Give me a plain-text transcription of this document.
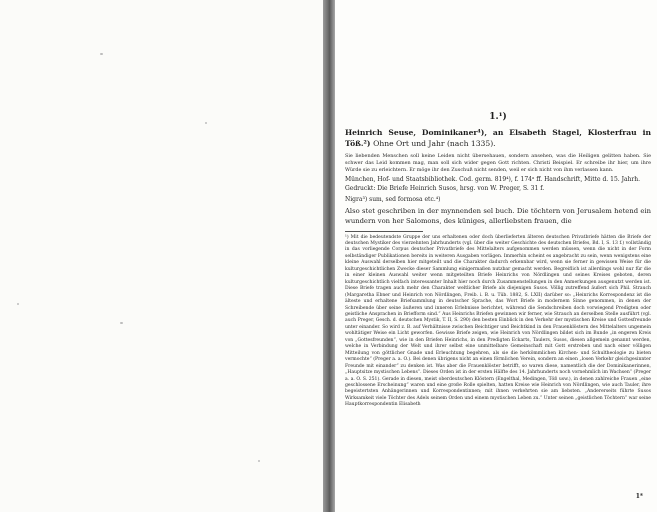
1.¹)
Heinrich Seuse, Dominikaner⁴), an Elsabeth Stagel, Klosterfrau in Töß.²) Ohne Ort und Jahr (nach 1335).
Sie liebenden Menschen soll keine Leiden nicht übersehauen, sondern ansehen, was die Heiligen gelitten haben. Sie schwer das Leid kommen mag, man soll sich wider gegen Gott richten. Christi Beispiel. Er schreibe ihr hier, um ihre Würde sie zu erleichtern. Er möge ihr den Zuschuß nicht senden, weil er sich nicht von ihm verlassen kann.
München, Hof- und Staatsbibliothek. Cod. germ. 819⁴), f. 174ᵃ ff. Handschrift, Mitte d. 15. Jahrh.
Gedruckt: Die Briefe Heinrich Susos, hrsg. von W. Preger, S. 31 f.
Nigra³) sum, sed formosa etc.⁴)
Also stet geschriben in der mynnenden sel buch. Die töchtern von Jerusalem hetend ein wundern von her Salomons, des küniges, allerliebsten frauen, die
¹) Mit die bedeutendste Gruppe der uns erhaltenen oder doch überlieferten älteren deutschen Privatbriefe hätten die Briefe der deutschen Mystiker des vierzehnten Jahrhunderts (vgl. über die weiter Geschichte des deutschen Briefes, Bd. I, S. 13 f.) vollständig in das vorliegende Corpus deutscher Privatbriefe des Mittelalters aufgenommen werden müssen, wenn die nicht in der Form selbständiger Publikationen bereits in weiteren Ausgaben vorlägen. Immerhin scheint es angebracht zu sein, wenn wenigstens eine kleine Auswahl derselben hier mitgeteilt und die Charakter dadurch erkennbar wird, wenn sie ferner in gewissen Weise für die kulturgeschichtlichen Zwecke dieser Sammlung einigermaßen nutzbar gemacht werden. Begreiflich ist allerdings wohl nur für die in einer kleinen Auswahl weiter wenn mitgeteilten Briefe Heinrichs von Nördlingen und seines Kreises geboten, deren kulturgeschichtlich vielfach interessanter Inhalt hier noch durch Zusammenstellungen in den Anmerkungen ausgenutzt werden ist. Diese Briefe tragen auch mehr den Charakter weltlicher Briefe als diejenigen Susos. Völlig zutreffend äußert sich Phil. Strauch (Margaretha Ebner und Heinrich von Nördlingen, Freib. i. B. u. Tüb. 1882, S. LXII) darüber so: „Heinrichs Korrespondenz ist die älteste und erhaltene Briefsammlung in deutscher Sprache, das Wort Briefe in modernem Sinne genommen, in denen der Schreibende über seine äußeren und inneren Erlebnisse berichtet, während die Sendschreiben doch vorwiegend Predigten oder geistliche Ansprachen in Briefform sind.“ Aus Heinrichs Briefen gewinnen wir ferner, wie Strauch an derselben Stelle ausführt (vgl. auch Preger, Gesch. d. deutschen Mystik, T. II, S. 290) den besten Einblick in den Verkehr der mystischen Kreise und Gottesfreunde unter einander. So wird z. B. auf Verhältnisse zwischen Beichtiger und Beichtkind in den Frauenklöstern des Mittelalters ungemein wohltätiger Weise ein Licht geworfen. Gewisse Briefe zeigen, wie Heinrich von Nördlingen bildet sich im Bunde „in engeren Kreis von „Gottesfreunden“, wie in den Briefen Heinrichs, in den Predigten Eckarts, Taulers, Susos, diesen allgemein genannt werden, welche in Verbindung der Welt und ihrer selbst eine unmittelbare Gemeinschaft mit Gott erstreben und nach einer völligen Mitteilung von göttlicher Gnade und Erleuchtung begehren, als sie die herkömmlichen Kirchen- und Schultheologie zu bieten vermochte“ (Preger a. a. O.). Bei denen übrigens nicht an einen förmlichen Verein, sondern an einen „losen Verkehr gleichgesinnter Freunde mit einander“ zu denken ist. Was aber die Frauenklöster betrifft, so waren diese, namentlich die der Dominikanerinnen, „Hauptsitze mystischen Lebens“. Dieses Orden ist in der ersten Hälfte des 14. Jahrhunderts noch vornehmlich im Wachsen“ (Preger a. a. O. S. 251). Gerade in diesen, meist oberdeutschen Klöstern (Engelthal, Medingen, Töß usw.), in denen zahlreiche Frauen „eine geschlossene Erscheinung“ waren und eine große Rolle spielten, hatten Kreise wie Heinrich von Nördlingen, wie auch Tauler, ihre begeistertsten Anhängerinnen und Korrespondentinnen; mit ihnen verkehrten sie am liebsten. „Andererseits führte Susos Wirksamkeit viele Töchter des Adels seinem Orden und einem mystischen Leben zu.“ Unter seinen „geistlichen Töchtern“ war seine Hauptkorrespondentin Elisabeth
1*
